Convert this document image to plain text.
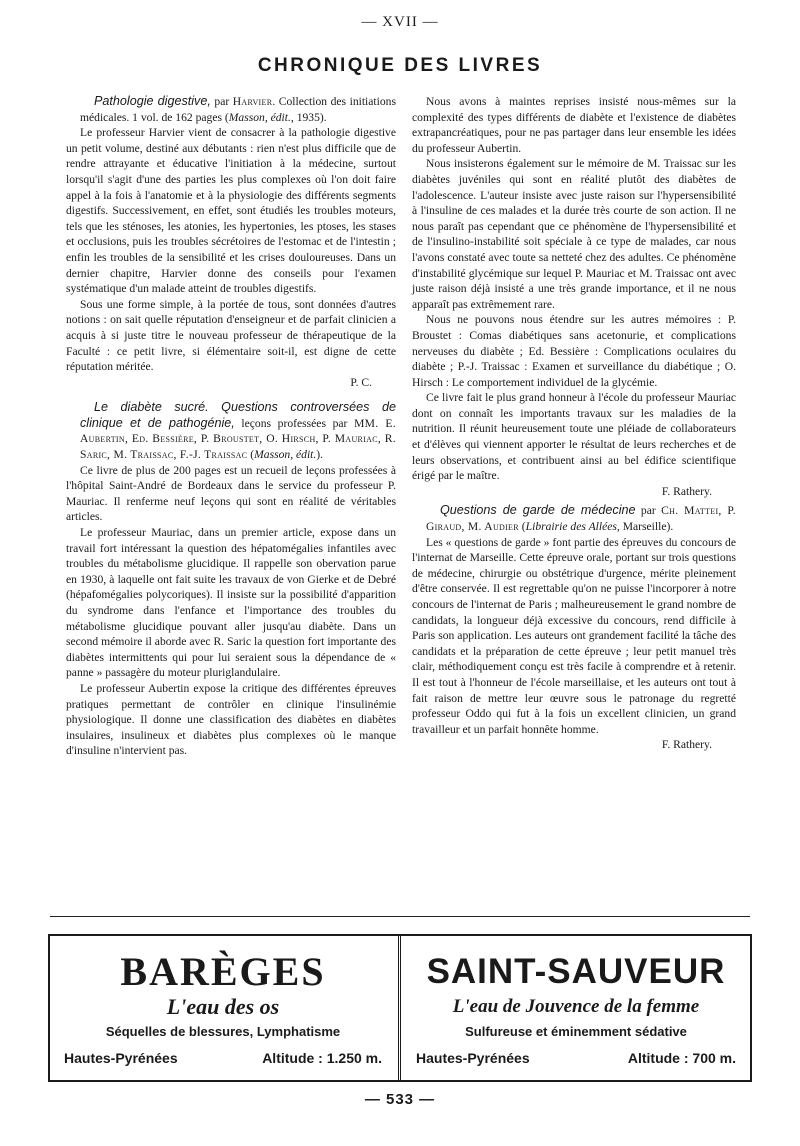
— XVII —
CHRONIQUE DES LIVRES

Pathologie digestive, par Harvier. Collection des initiations médicales. 1 vol. de 162 pages (Masson, édit., 1935).

Le professeur Harvier vient de consacrer à la pathologie digestive un petit volume, destiné aux débutants : rien n'est plus difficile que de rendre attrayante et éducative l'initiation à la médecine, surtout lorsqu'il s'agit d'une des parties les plus complexes où l'on doit faire appel à la fois à l'anatomie et à la physiologie des différents segments digestifs. Successivement, en effet, sont étudiés les troubles moteurs, tels que les sténoses, les atonies, les hypertonies, les ptoses, les stases et occlusions, puis les troubles sécrétoires de l'estomac et de l'intestin ; enfin les troubles de la sensibilité et les crises douloureuses. Dans un dernier chapitre, Harvier donne des conseils pour l'examen systématique d'un malade atteint de troubles digestifs.

Sous une forme simple, à la portée de tous, sont données d'autres notions : on sait quelle réputation d'enseigneur et de parfait clinicien a acquis à si juste titre le nouveau professeur de thérapeutique de la Faculté : ce petit livre, si élémentaire soit-il, est digne de cette réputation méritée.

P. C.

Le diabète sucré. Questions controversées de clinique et de pathogénie, leçons professées par MM. E. Aubertin, Ed. Bessière, P. Broustet, O. Hirsch, P. Mauriac, R. Saric, M. Traissac, F.-J. Traissac (Masson, édit.).

Ce livre de plus de 200 pages est un recueil de leçons professées à l'hôpital Saint-André de Bordeaux dans le service du professeur P. Mauriac. Il renferme neuf leçons qui sont en réalité de véritables articles.

Le professeur Mauriac, dans un premier article, expose dans un travail fort intéressant la question des hépatomégalies infantiles avec troubles du métabolisme glucidique. Il rappelle son obervation parue en 1930, à laquelle ont fait suite les travaux de von Gierke et de Debré (hépafomégalies polycoriques). Il insiste sur la possibilité d'apparition du syndrome dans l'enfance et l'importance des troubles du métabolisme glucidique pouvant aller jusqu'au diabète. Dans un second mémoire il aborde avec R. Saric la question fort importante des diabètes intermittents qui pour lui seraient sous la dépendance de « panne » passagère du moteur pluriglandulaire.

Le professeur Aubertin expose la critique des différentes épreuves pratiques permettant de contrôler en clinique l'insulinémie physiologique. Il donne une classification des diabètes en diabètes insulaires, insulineux et diabètes plus complexes où le manque d'insuline n'intervient pas.

Nous avons à maintes reprises insisté nous-mêmes sur la complexité des types différents de diabète et l'existence de diabètes extrapancréatiques, pour ne pas partager dans leur ensemble les idées du professeur Aubertin.

Nous insisterons également sur le mémoire de M. Traissac sur les diabètes juvéniles qui sont en réalité plutôt des diabètes de l'adolescence. L'auteur insiste avec juste raison sur l'hypersensibilité à l'insuline de ces malades et la durée très courte de son action. Il ne nous paraît pas cependant que ce phénomène de l'hypersensibilité et de l'insulino-instabilité soit spéciale à ce type de malades, car nous l'avons constaté avec toute sa netteté chez des adultes. Ce phénomène d'instabilité glycémique sur lequel P. Mauriac et M. Traissac ont avec juste raison déjà insisté a une très grande importance, et il ne nous apparaît pas extrêmement rare.

Nous ne pouvons nous étendre sur les autres mémoires : P. Broustet : Comas diabétiques sans acetonurie, et complications nerveuses du diabète ; Ed. Bessière : Complications oculaires du diabète ; P.-J. Traissac : Examen et surveillance du diabétique ; O. Hirsch : Le comportement individuel de la glycémie.

Ce livre fait le plus grand honneur à l'école du professeur Mauriac dont on connaît les importants travaux sur les maladies de la nutrition. Il réunit heureusement toute une pléiade de collaborateurs et d'élèves qui viennent apporter le résultat de leurs recherches et de leurs observations, et contribuent ainsi au bel édifice scientifique érigé par le maître.

F. Rathery.

Questions de garde de médecine par Ch. Mattei, P. Giraud, M. Audier (Librairie des Allées, Marseille).

Les « questions de garde » font partie des épreuves du concours de l'internat de Marseille. Cette épreuve orale, portant sur trois questions de médecine, chirurgie ou obstétrique d'urgence, mérite pleinement d'être conservée. Il est regrettable qu'on ne puisse l'incorporer à notre concours de l'internat de Paris ; malheureusement le grand nombre de candidats, la longueur déjà excessive du concours, rend difficile à Paris son application. Les auteurs ont grandement facilité la tâche des candidats et la préparation de cette épreuve ; leur petit manuel très clair, méthodiquement conçu est très facile à comprendre et à retenir. Il est tout à l'honneur de l'école marseillaise, et les auteurs ont tout à fait raison de mettre leur œuvre sous le patronage du regretté professeur Oddo qui fut à la fois un excellent clinicien, un grand travailleur et un parfait honnête homme.

F. Rathery.

BARÈGES
L'eau des os
Séquelles de blessures, Lymphatisme
Hautes-Pyrénées	Altitude : 1.250 m.
SAINT-SAUVEUR
L'eau de Jouvence de la femme
Sulfureuse et éminemment sédative
Hautes-Pyrénées	Altitude : 700 m.
— 533 —
